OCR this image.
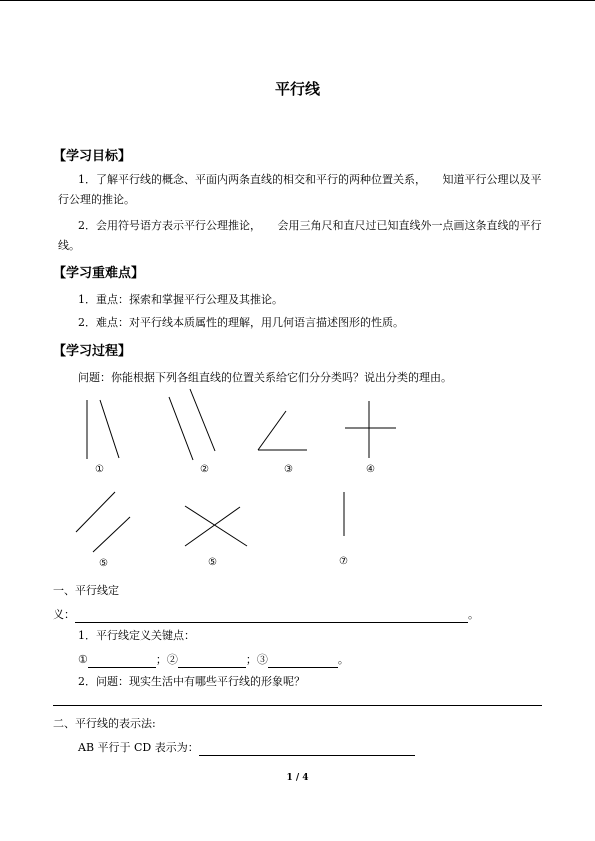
平行线
【学习目标】
1．了解平行线的概念、平面内两条直线的相交和平行的两种位置关系，　　知道平行公理以及平行公理的推论。
2．会用符号语方表示平行公理推论，　　会用三角尺和直尺过已知直线外一点画这条直线的平行线。
【学习重难点】
1．重点：探索和掌握平行公理及其推论。
2．难点：对平行线本质属性的理解，用几何语言描述图形的性质。
【学习过程】
问题：你能根据下列各组直线的位置关系给它们分分类吗？说出分类的理由。
①	②	③	④
⑤	⑤	⑦
一、平行线定
义：	。
1．平行线定义关键点：
①	；②	；③	。
2．问题：现实生活中有哪些平行线的形象呢？
二、平行线的表示法:
AB 平行于 CD 表示为：
1 / 4
